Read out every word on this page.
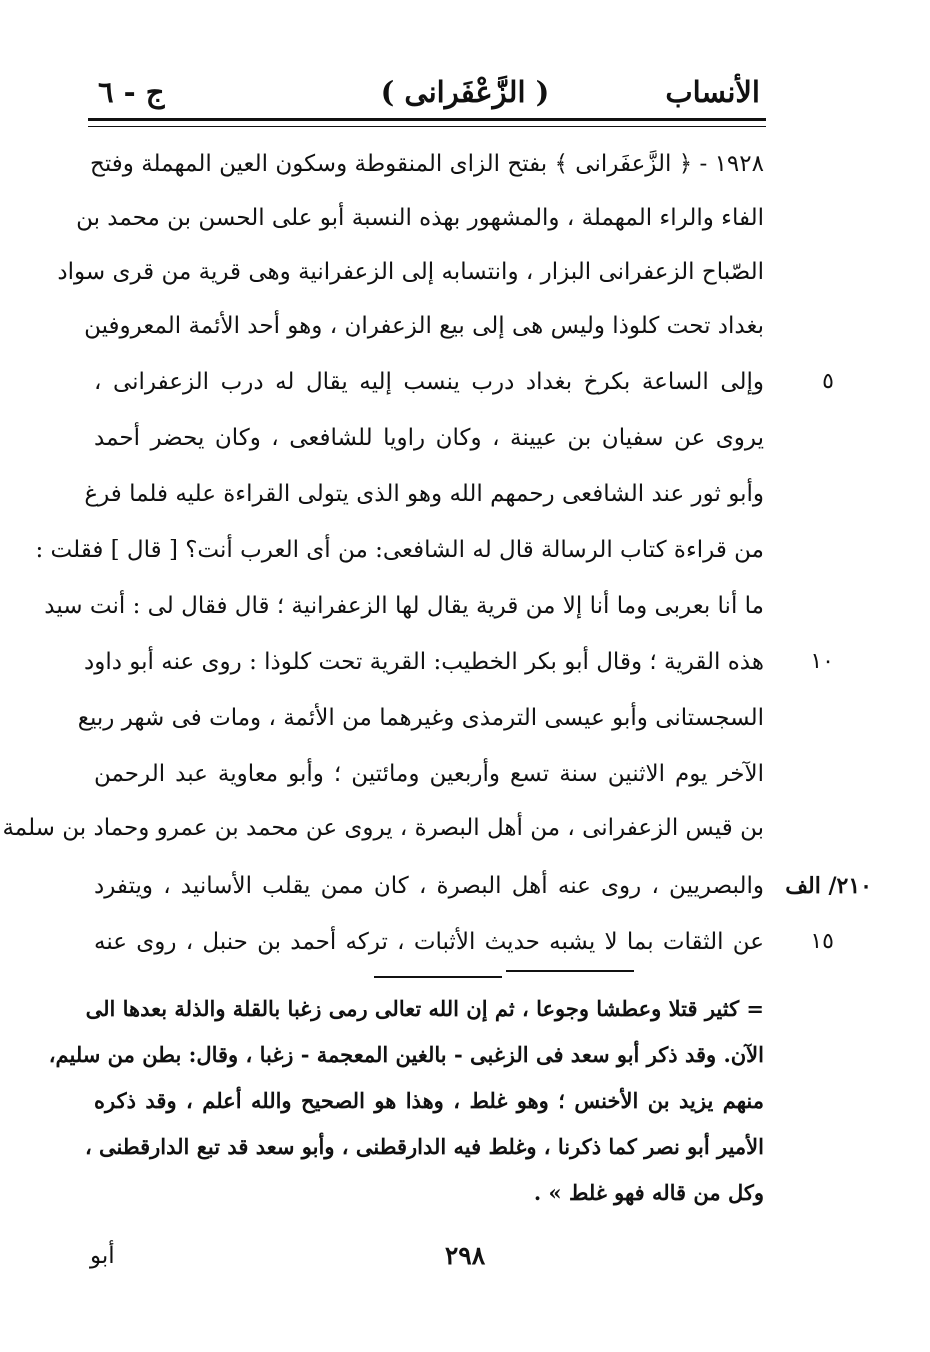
ج - ٦	( الزَّعْفَرانى )	الأنساب
١٩٢٨ - ﴿ الزَّعفَرانى ﴾ بفتح الزاى المنقوطة وسكون العين المهملة وفتح
الفاء والراء المهملة ، والمشهور بهذه النسبة أبو على الحسن بن محمد بن
الصّباح الزعفرانى البزار ، وانتسابه إلى الزعفرانية وهى قرية من قرى سواد
بغداد تحت كلوذا وليس هى إلى بيع الزعفران ، وهو أحد الأئمة المعروفين
وإلى الساعة بكرخ بغداد درب ينسب إليه يقال له درب الزعفرانى ،
يروى عن سفيان بن عيينة ، وكان راويا للشافعى ، وكان يحضر أحمد
وأبو ثور عند الشافعى رحمهم الله وهو الذى يتولى القراءة عليه فلما فرغ
من قراءة كتاب الرسالة قال له الشافعى: من أى العرب أنت؟ [ قال ] فقلت :
ما أنا بعربى وما أنا إلا من قرية يقال لها الزعفرانية ؛ قال فقال لى : أنت سيد
هذه القرية ؛ وقال أبو بكر الخطيب: القرية تحت كلوذا : روى عنه أبو داود
السجستانى وأبو عيسى الترمذى وغيرهما من الأئمة ، ومات فى شهر ربيع
الآخر يوم الاثنين سنة تسع وأربعين ومائتين ؛ وأبو معاوية عبد الرحمن
بن قيس الزعفرانى ، من أهل البصرة ، يروى عن محمد بن عمرو وحماد بن سلمة
والبصريين ، روى عنه أهل البصرة ، كان ممن يقلب الأسانيد ، ويتفرد
عن الثقات بما لا يشبه حديث الأثبات ، تركه أحمد بن حنبل ، روى عنه
٥
١٠
١٥
٢١٠/ الف
= كثير قتلا وعطشا وجوعا ، ثم إن الله تعالى رمى زغبا بالقلة والذلة بعدها الى
الآن. وقد ذكر أبو سعد فى الزغبى - بالغين المعجمة - زغبا ، وقال: بطن من سليم،
منهم يزيد بن الأخنس ؛ وهو غلط ، وهذا هو الصحيح والله أعلم ، وقد ذكره
الأمير أبو نصر كما ذكرنا ، وغلط فيه الدارقطنى ، وأبو سعد قد تبع الدارقطنى ،
وكل من قاله فهو غلط » .
٢٩٨
أبو
